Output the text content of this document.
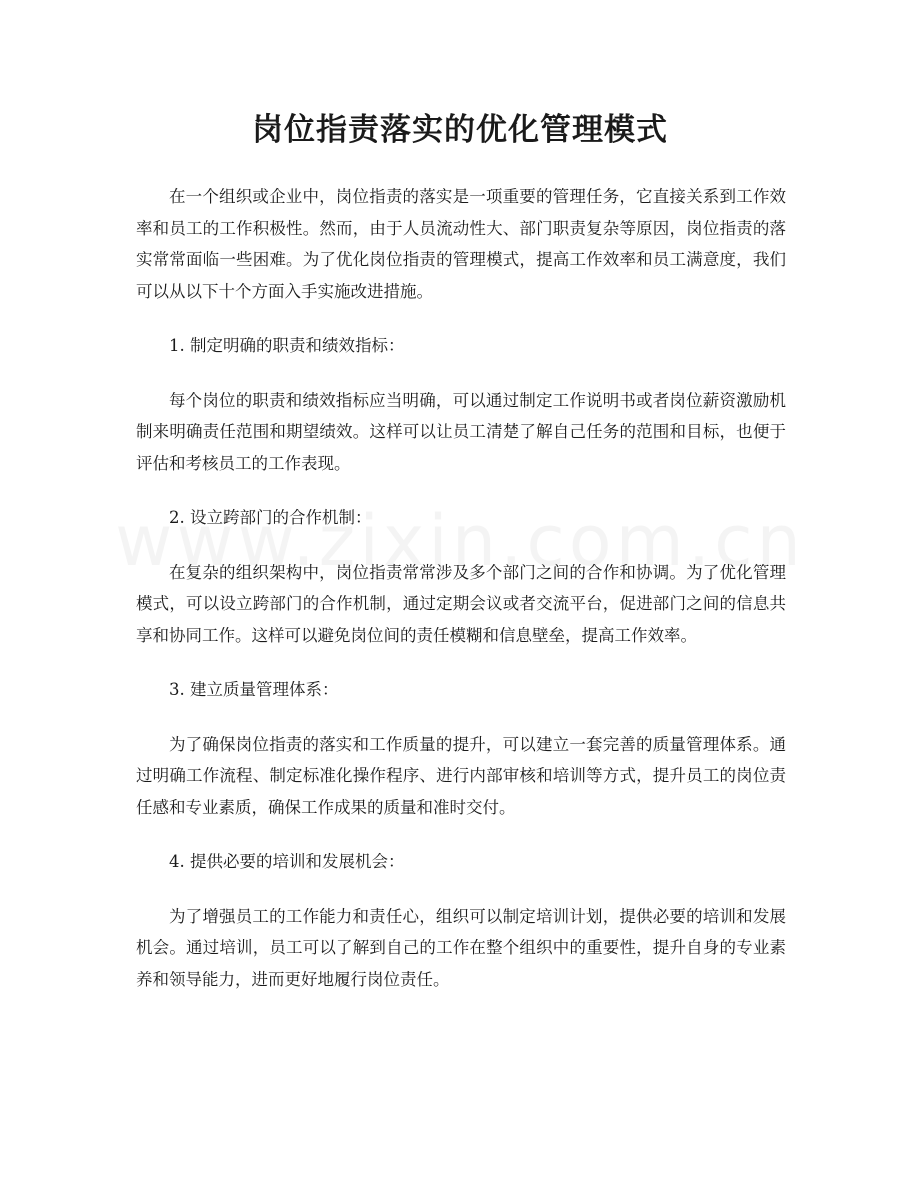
岗位指责落实的优化管理模式

在一个组织或企业中，岗位指责的落实是一项重要的管理任务，它直接关系到工作效率和员工的工作积极性。然而，由于人员流动性大、部门职责复杂等原因，岗位指责的落实常常面临一些困难。为了优化岗位指责的管理模式，提高工作效率和员工满意度，我们可以从以下十个方面入手实施改进措施。

1. 制定明确的职责和绩效指标：

每个岗位的职责和绩效指标应当明确，可以通过制定工作说明书或者岗位薪资激励机制来明确责任范围和期望绩效。这样可以让员工清楚了解自己任务的范围和目标，也便于评估和考核员工的工作表现。

2. 设立跨部门的合作机制：

在复杂的组织架构中，岗位指责常常涉及多个部门之间的合作和协调。为了优化管理模式，可以设立跨部门的合作机制，通过定期会议或者交流平台，促进部门之间的信息共享和协同工作。这样可以避免岗位间的责任模糊和信息壁垒，提高工作效率。

3. 建立质量管理体系：

为了确保岗位指责的落实和工作质量的提升，可以建立一套完善的质量管理体系。通过明确工作流程、制定标准化操作程序、进行内部审核和培训等方式，提升员工的岗位责任感和专业素质，确保工作成果的质量和准时交付。

4. 提供必要的培训和发展机会：

为了增强员工的工作能力和责任心，组织可以制定培训计划，提供必要的培训和发展机会。通过培训，员工可以了解到自己的工作在整个组织中的重要性，提升自身的专业素养和领导能力，进而更好地履行岗位责任。
